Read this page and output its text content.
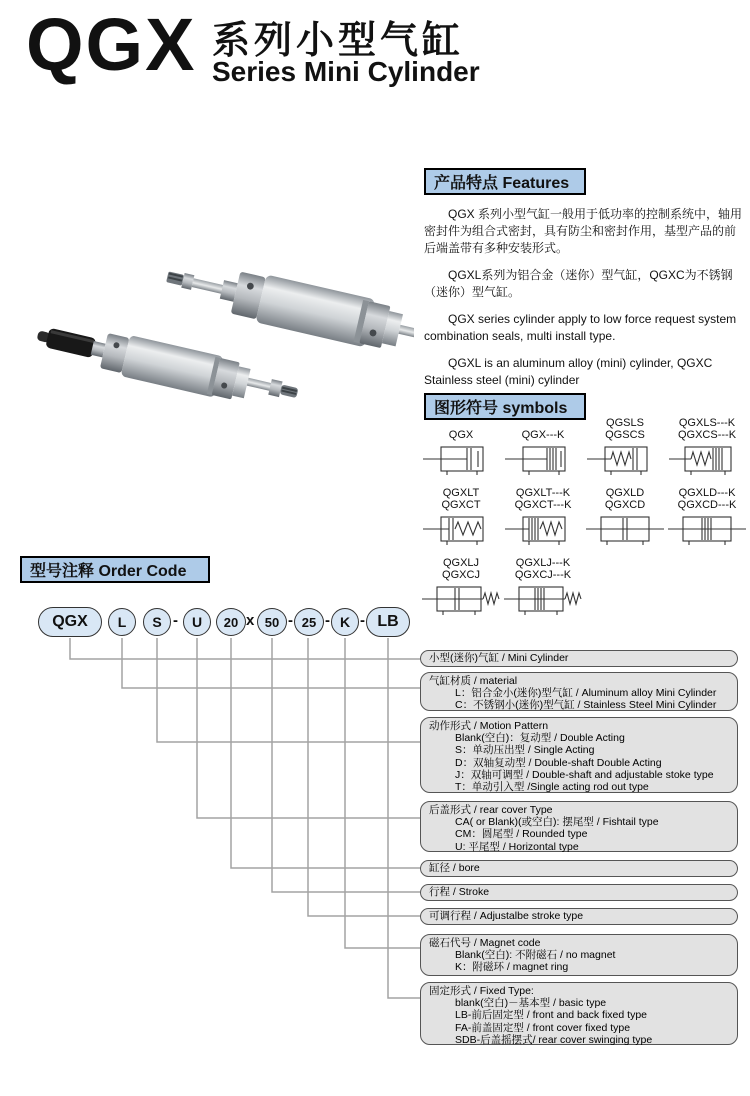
QGX 系列小型气缸
Series Mini Cylinder
产品特点 Features

QGX 系列小型气缸一般用于低功率的控制系统中，轴用密封件为组合式密封，具有防尘和密封作用，基型产品的前后端盖带有多种安装形式。

QGXL系列为铝合金（迷你）型气缸，QGXC为不锈钢（迷你）型气缸。

QGX series cylinder apply to low force request system combination seals, multi install type.

QGXL is an aluminum alloy (mini) cylinder, QGXC Stainless steel (mini) cylinder

图形符号 symbols
QGX	QGX---K
QGSLS
QGSCS
QGXLS---K
QGXCS---K
QGXLT
QGXCT
QGXLT---K
QGXCT---K
QGXLD
QGXCD
QGXLD---K
QGXCD---K
QGXLJ
QGXCJ
QGXLJ---K
QGXCJ---K
型号注释 Order Code
QGX	L	S - U	20 x 50 - 25 - K - LB
小型(迷你)气缸 / Mini Cylinder
气缸材质 / material
L：铝合金小(迷你)型气缸 / Aluminum alloy Mini Cylinder
C：不锈钢小(迷你)型气缸 / Stainless Steel Mini Cylinder
动作形式 / Motion Pattern
Blank(空白)：复动型 / Double Acting
S：单动压出型 / Single Acting
D：双轴复动型 / Double-shaft Double Acting
J：双轴可调型 / Double-shaft and adjustable stoke type
T：单动引入型 /Single acting rod out type
后盖形式 / rear cover Type
CA( or Blank)(或空白): 摆尾型 / Fishtail type
CM：圆尾型 / Rounded type
U: 平尾型 / Horizontal type
缸径 / bore
行程 / Stroke
可调行程 / Adjustalbe stroke type
磁石代号 / Magnet code
Blank(空白): 不附磁石 / no magnet
K：附磁环 / magnet ring
固定形式 / Fixed Type:
blank(空白)－基本型 / basic type
LB-前后固定型 / front and back fixed type
FA-前盖固定型 / front cover fixed type
SDB-后盖摇摆式/ rear cover swinging type
